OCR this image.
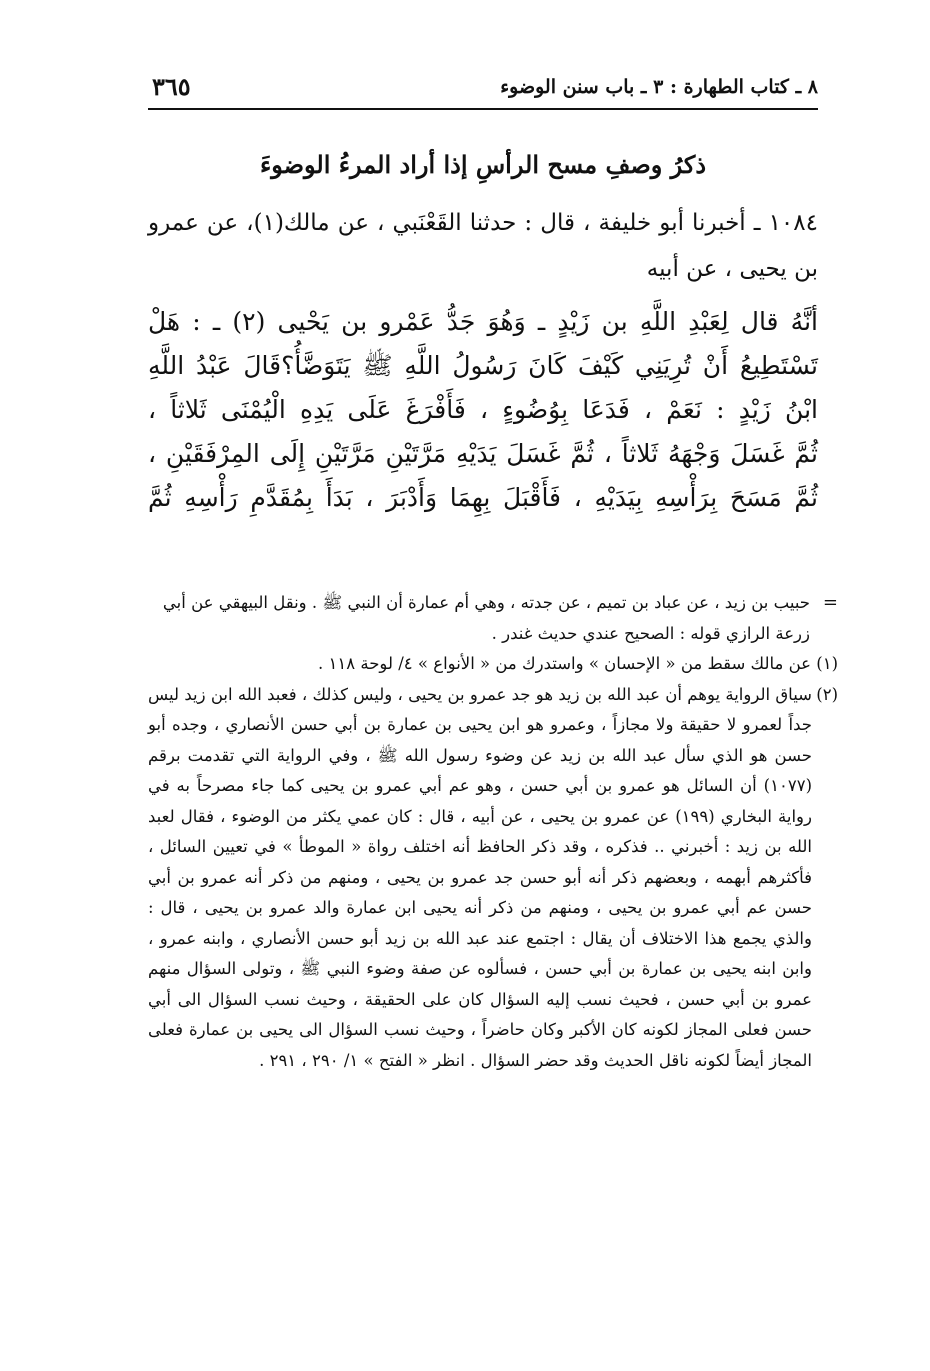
٨ ـ كتاب الطهارة : ٣ ـ باب سنن الوضوء
٣٦٥
ذكرُ وصفِ مسح الرأسِ إذا أراد المرءُ الوضوءَ

١٠٨٤ ـ أخبرنا أبو خليفة ، قال : حدثنا القَعْنَبي ، عن مالك(١)، عن عمرو بن يحيى ، عن أبيه

أنَّهُ قال لِعَبْدِ اللَّهِ بن زَيْدٍ ـ وَهُوَ جَدُّ عَمْرو بن يَحْيى (٢) ـ : هَلْ

تَسْتَطِيعُ أَنْ تُرِيَنِي كَيْفَ كَانَ رَسُولُ اللَّهِ ﷺ يَتَوَضَّأُ؟قَالَ عَبْدُ اللَّهِ

ابْنُ زَيْدٍ : نَعَمْ ، فَدَعَا بِوُضُوءٍ ، فَأَفْرَغَ عَلَى يَدِهِ الْيُمْنَى ثَلاثاً ،

ثُمَّ غَسَلَ وَجْهَهُ ثَلاثاً ، ثُمَّ غَسَلَ يَدَيْهِ مَرَّتَيْنِ مَرَّتَيْنِ إِلَى المِرْفَقَيْنِ ،

ثُمَّ مَسَحَ بِرَأْسِهِ بِيَدَيْهِ ، فَأَقْبَلَ بِهِمَا وَأَدْبَرَ ، بَدَأَ بِمُقَدَّمِ رَأْسِهِ ثُمَّ

=

حبيب بن زيد ، عن عباد بن تميم ، عن جدته ، وهي أم عمارة أن النبي ﷺ . ونقل البيهقي عن أبي زرعة الرازي قوله : الصحيح عندي حديث غندر .

(١) عن مالك سقط من « الإحسان » واستدرك من « الأنواع » ٤/ لوحة ١١٨ .

(٢)

سياق الرواية يوهم أن عبد الله بن زيد هو جد عمرو بن يحيى ، وليس كذلك ، فعبد الله ابن زيد ليس جداً لعمرو لا حقيقة ولا مجازاً ، وعمرو هو ابن يحيى بن عمارة بن أبي حسن الأنصاري ، وجده أبو حسن هو الذي سأل عبد الله بن زيد عن وضوء رسول الله ﷺ ، وفي الرواية التي تقدمت برقم (١٠٧٧) أن السائل هو عمرو بن أبي حسن ، وهو عم أبي عمرو بن يحيى كما جاء مصرحاً به في رواية البخاري (١٩٩) عن عمرو بن يحيى ، عن أبيه ، قال : كان عمي يكثر من الوضوء ، فقال لعبد الله بن زيد : أخبرني .. فذكره ، وقد ذكر الحافظ أنه اختلف رواة « الموطأ » في تعيين السائل ، فأكثرهم أبهمه ، وبعضهم ذكر أنه أبو حسن جد عمرو بن يحيى ، ومنهم من ذكر أنه عمرو بن أبي حسن عم أبي عمرو بن يحيى ، ومنهم من ذكر أنه يحيى ابن عمارة والد عمرو بن يحيى ، قال : والذي يجمع هذا الاختلاف أن يقال : اجتمع عند عبد الله بن زيد أبو حسن الأنصاري ، وابنه عمرو ، وابن ابنه يحيى بن عمارة بن أبي حسن ، فسألوه عن صفة وضوء النبي ﷺ ، وتولى السؤال منهم عمرو بن أبي حسن ، فحيث نسب إليه السؤال كان على الحقيقة ، وحيث نسب السؤال الى أبي حسن فعلى المجاز لكونه كان الأكبر وكان حاضراً ، وحيث نسب السؤال الى يحيى بن عمارة فعلى المجاز أيضاً لكونه ناقل الحديث وقد حضر السؤال . انظر « الفتح » ١/ ٢٩٠ ، ٢٩١ .
